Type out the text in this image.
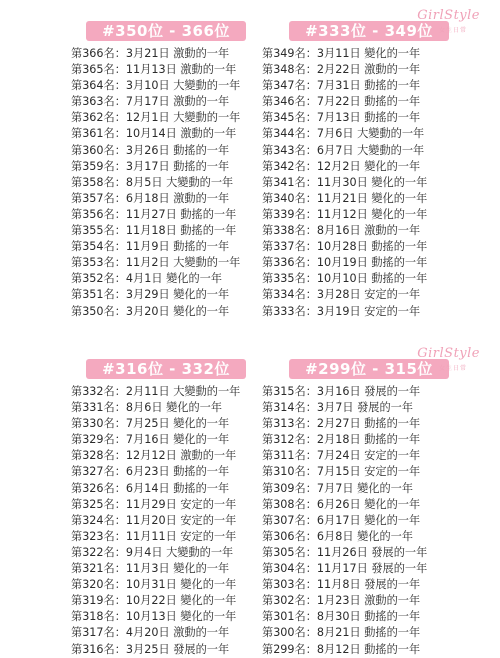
#350位 - 366位	#333位 - 349位
GirlStyle
女生日常
第366名：3月21日 激動的一年
第365名：11月13日 激動的一年
第364名：3月10日 大變動的一年
第363名：7月17日 激動的一年
第362名：12月1日 大變動的一年
第361名：10月14日 激動的一年
第360名：3月26日 動搖的一年
第359名：3月17日 動搖的一年
第358名：8月5日 大變動的一年
第357名：6月18日 激動的一年
第356名：11月27日 動搖的一年
第355名：11月18日 動搖的一年
第354名：11月9日 動搖的一年
第353名：11月2日 大變動的一年
第352名：4月1日 變化的一年
第351名：3月29日 變化的一年
第350名：3月20日 變化的一年
第349名：3月11日 變化的一年
第348名：2月22日 激動的一年
第347名：7月31日 動搖的一年
第346名：7月22日 動搖的一年
第345名：7月13日 動搖的一年
第344名：7月6日 大變動的一年
第343名：6月7日 大變動的一年
第342名：12月2日 變化的一年
第341名：11月30日 變化的一年
第340名：11月21日 變化的一年
第339名：11月12日 變化的一年
第338名：8月16日 激動的一年
第337名：10月28日 動搖的一年
第336名：10月19日 動搖的一年
第335名：10月10日 動搖的一年
第334名：3月28日 安定的一年
第333名：3月19日 安定的一年
#316位 - 332位	#299位 - 315位
GirlStyle
女生日常
第332名：2月11日 大變動的一年
第331名：8月6日 變化的一年
第330名：7月25日 變化的一年
第329名：7月16日 變化的一年
第328名：12月12日 激動的一年
第327名：6月23日 動搖的一年
第326名：6月14日 動搖的一年
第325名：11月29日 安定的一年
第324名：11月20日 安定的一年
第323名：11月11日 安定的一年
第322名：9月4日 大變動的一年
第321名：11月3日 變化的一年
第320名：10月31日 變化的一年
第319名：10月22日 變化的一年
第318名：10月13日 變化的一年
第317名：4月20日 激動的一年
第316名：3月25日 發展的一年
第315名：3月16日 發展的一年
第314名：3月7日 發展的一年
第313名：2月27日 動搖的一年
第312名：2月18日 動搖的一年
第311名：7月24日 安定的一年
第310名：7月15日 安定的一年
第309名：7月7日 變化的一年
第308名：6月26日 變化的一年
第307名：6月17日 變化的一年
第306名：6月8日 變化的一年
第305名：11月26日 發展的一年
第304名：11月17日 發展的一年
第303名：11月8日 發展的一年
第302名：1月23日 激動的一年
第301名：8月30日 動搖的一年
第300名：8月21日 動搖的一年
第299名：8月12日 動搖的一年
